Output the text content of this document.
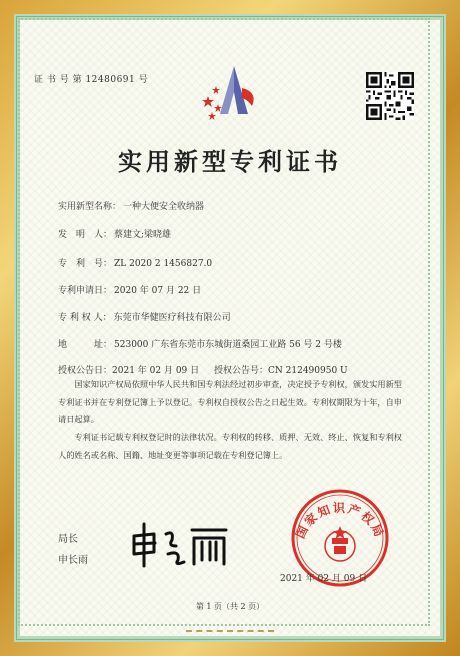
证 书 号 第 12480691 号
实用新型专利证书
实用新型名称： 一种大便安全收纳器
发　明　人： 蔡建文;梁晓雄
专　利　号： ZL 2020 2 1456827.0
专利申请日： 2020 年 07 月 22 日
专 利 权 人： 东莞市华健医疗科技有限公司
地　　　址： 523000 广东省东莞市东城街道桑园工业路 56 号 2 号楼
授权公告日：2021 年 02 月 09 日 授权公告号：CN 212490950 U
国家知识产权局依照中华人民共和国专利法经过初步审查，决定授予专利权，颁发实用新型专利证书并在专利登记簿上予以登记。专利权自授权公告之日起生效。专利权期限为十年，自申请日起算。
专利证书记载专利权登记时的法律状况。专利权的转移、质押、无效、终止、恢复和专利权人的姓名或名称、国籍、地址变更等事项记载在专利登记簿上。
局长
申长雨
国家知识产权局
2021 年 02 月 09 日
第 1 页（共 2 页）
